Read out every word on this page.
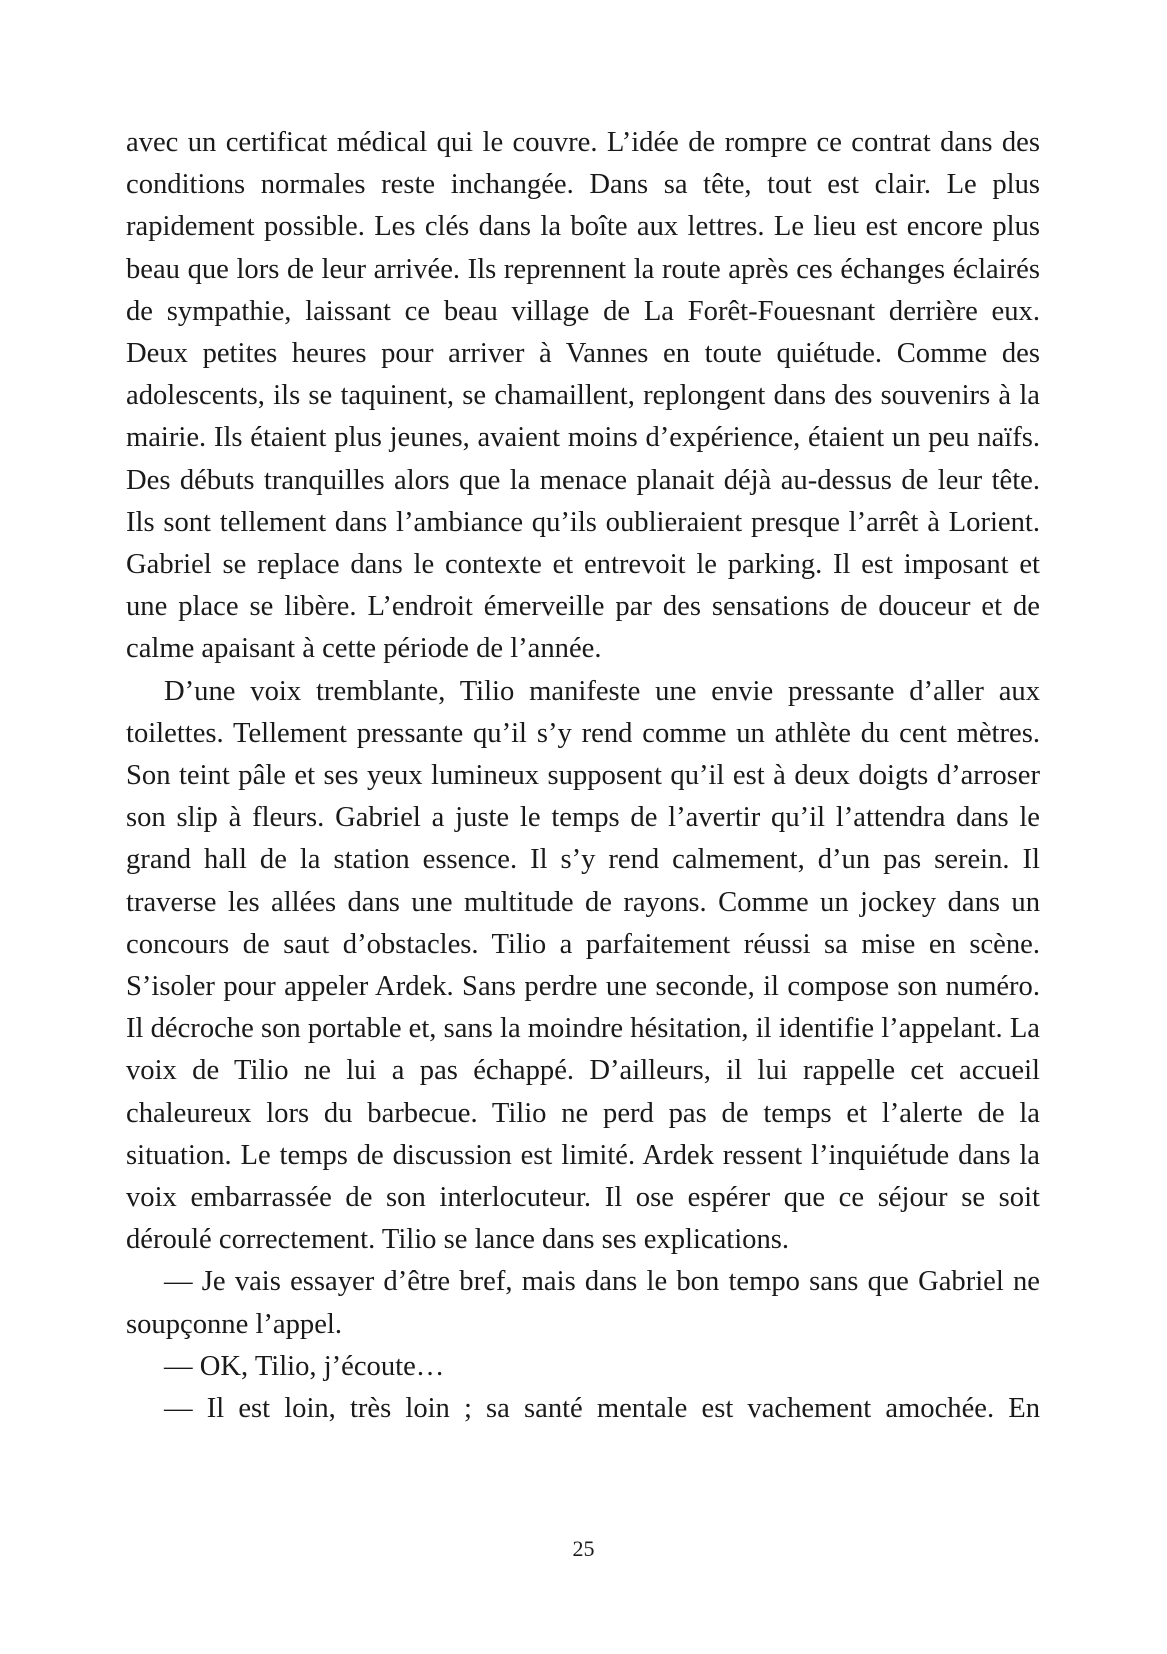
avec un certificat médical qui le couvre. L’idée de rompre ce contrat dans des conditions normales reste inchangée. Dans sa tête, tout est clair. Le plus rapidement possible. Les clés dans la boîte aux lettres. Le lieu est encore plus beau que lors de leur arrivée. Ils reprennent la route après ces échanges éclairés de sympathie, laissant ce beau village de La Forêt-Fouesnant derrière eux. Deux petites heures pour arriver à Vannes en toute quiétude. Comme des adolescents, ils se taquinent, se chamaillent, replongent dans des souvenirs à la mairie. Ils étaient plus jeunes, avaient moins d’expérience, étaient un peu naïfs. Des débuts tranquilles alors que la menace planait déjà au-dessus de leur tête. Ils sont tellement dans l’ambiance qu’ils oublieraient presque l’arrêt à Lorient. Gabriel se replace dans le contexte et entrevoit le parking. Il est imposant et une place se libère. L’endroit émerveille par des sensations de douceur et de calme apaisant à cette période de l’année.

D’une voix tremblante, Tilio manifeste une envie pressante d’aller aux toilettes. Tellement pressante qu’il s’y rend comme un athlète du cent mètres. Son teint pâle et ses yeux lumineux supposent qu’il est à deux doigts d’arroser son slip à fleurs. Gabriel a juste le temps de l’avertir qu’il l’attendra dans le grand hall de la station essence. Il s’y rend calmement, d’un pas serein. Il traverse les allées dans une multitude de rayons. Comme un jockey dans un concours de saut d’obstacles. Tilio a parfaitement réussi sa mise en scène. S’isoler pour appeler Ardek. Sans perdre une seconde, il compose son numéro. Il décroche son portable et, sans la moindre hésitation, il identifie l’appelant. La voix de Tilio ne lui a pas échappé. D’ailleurs, il lui rappelle cet accueil chaleureux lors du barbecue. Tilio ne perd pas de temps et l’alerte de la situation. Le temps de discussion est limité. Ardek ressent l’inquiétude dans la voix embarrassée de son interlocuteur. Il ose espérer que ce séjour se soit déroulé correctement. Tilio se lance dans ses explications.

— Je vais essayer d’être bref, mais dans le bon tempo sans que Gabriel ne soupçonne l’appel.

— OK, Tilio, j’écoute…

— Il est loin, très loin ; sa santé mentale est vachement amochée. En

25
